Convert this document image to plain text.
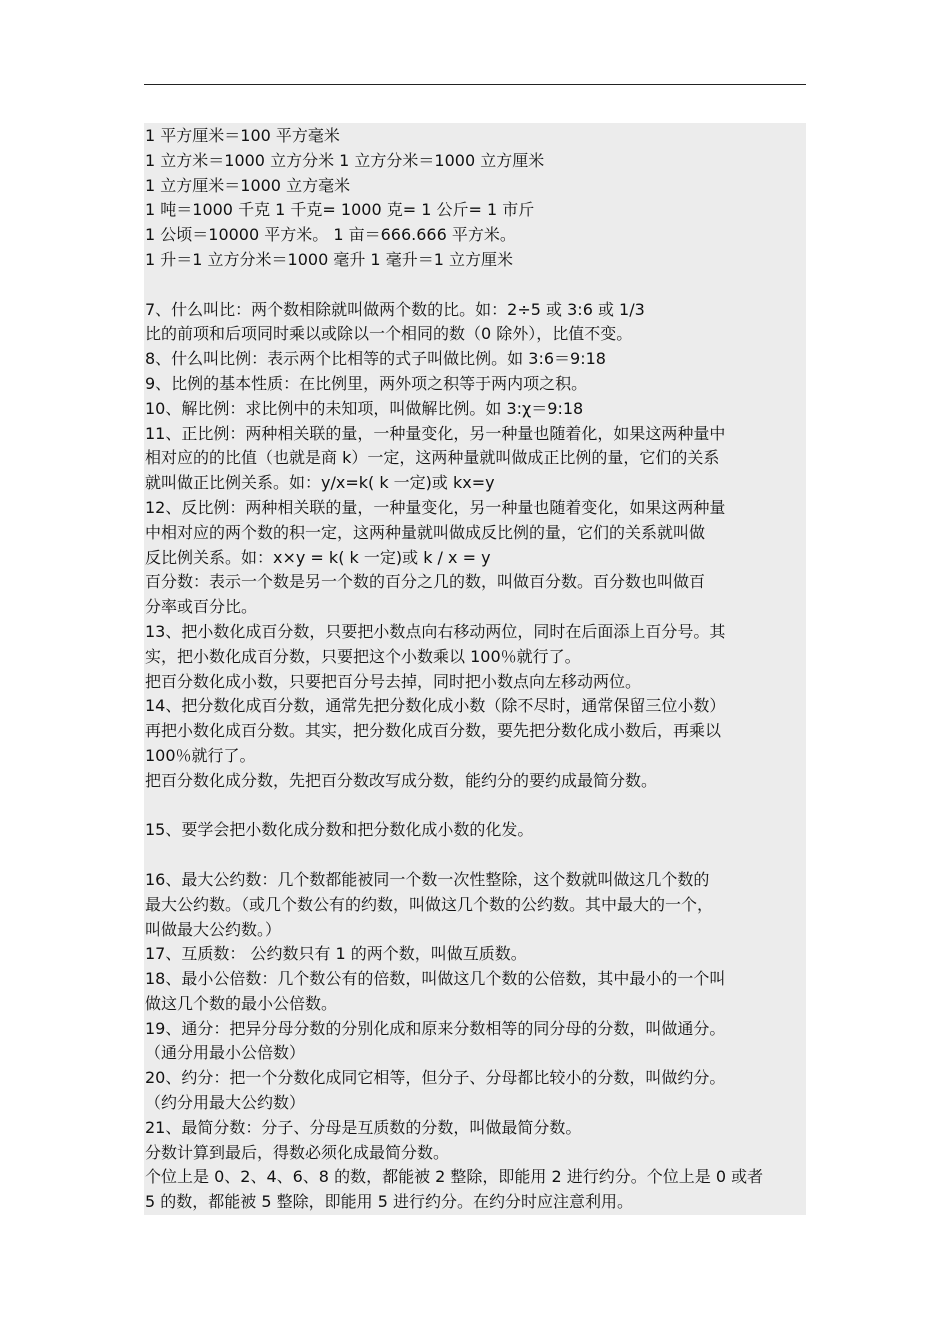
1 平方厘米＝100 平方毫米
1 立方米＝1000 立方分米 1 立方分米＝1000 立方厘米
1 立方厘米＝1000 立方毫米
1 吨＝1000 千克 1 千克= 1000 克= 1 公斤= 1 市斤
1 公顷＝10000 平方米。 1 亩＝666.666 平方米。
1 升＝1 立方分米＝1000 毫升 1 毫升＝1 立方厘米
7、什么叫比：两个数相除就叫做两个数的比。如：2÷5 或 3:6 或 1/3
比的前项和后项同时乘以或除以一个相同的数（0 除外），比值不变。
8、什么叫比例：表示两个比相等的式子叫做比例。如 3:6＝9:18
9、比例的基本性质：在比例里，两外项之积等于两内项之积。
10、解比例：求比例中的未知项，叫做解比例。如 3:χ＝9:18
11、正比例：两种相关联的量，一种量变化，另一种量也随着化，如果这两种量中
相对应的的比值（也就是商 k）一定，这两种量就叫做成正比例的量，它们的关系
就叫做正比例关系。如：y/x=k( k 一定)或 kx=y
12、反比例：两种相关联的量，一种量变化，另一种量也随着变化，如果这两种量
中相对应的两个数的积一定，这两种量就叫做成反比例的量，它们的关系就叫做
反比例关系。如：x×y = k( k 一定)或 k / x = y
百分数：表示一个数是另一个数的百分之几的数，叫做百分数。百分数也叫做百
分率或百分比。
13、把小数化成百分数，只要把小数点向右移动两位，同时在后面添上百分号。其
实，把小数化成百分数，只要把这个小数乘以 100％就行了。
把百分数化成小数，只要把百分号去掉，同时把小数点向左移动两位。
14、把分数化成百分数，通常先把分数化成小数（除不尽时，通常保留三位小数）
再把小数化成百分数。其实，把分数化成百分数，要先把分数化成小数后，再乘以
100％就行了。
把百分数化成分数，先把百分数改写成分数，能约分的要约成最简分数。
15、要学会把小数化成分数和把分数化成小数的化发。
16、最大公约数：几个数都能被同一个数一次性整除，这个数就叫做这几个数的
最大公约数。（或几个数公有的约数，叫做这几个数的公约数。其中最大的一个，
叫做最大公约数。）
17、互质数： 公约数只有 1 的两个数，叫做互质数。
18、最小公倍数：几个数公有的倍数，叫做这几个数的公倍数，其中最小的一个叫
做这几个数的最小公倍数。
19、通分：把异分母分数的分别化成和原来分数相等的同分母的分数，叫做通分。
（通分用最小公倍数）
20、约分：把一个分数化成同它相等，但分子、分母都比较小的分数，叫做约分。
（约分用最大公约数）
21、最简分数：分子、分母是互质数的分数，叫做最简分数。
分数计算到最后，得数必须化成最简分数。
个位上是 0、2、4、6、8 的数，都能被 2 整除，即能用 2 进行约分。个位上是 0 或者
5 的数，都能被 5 整除，即能用 5 进行约分。在约分时应注意利用。
